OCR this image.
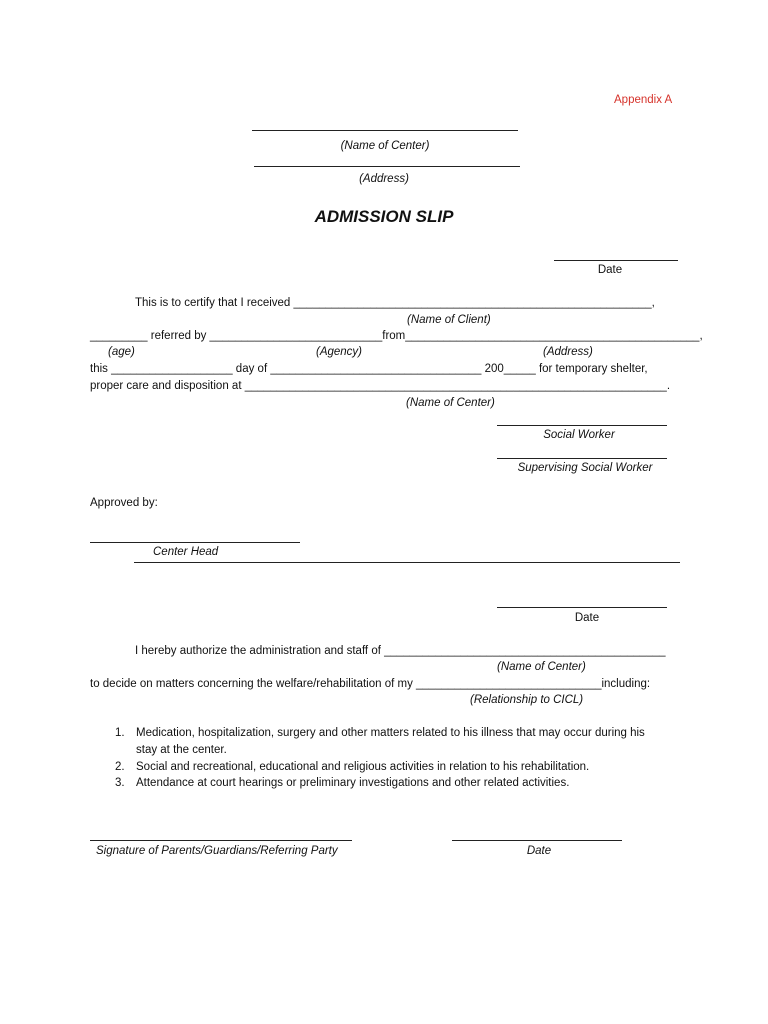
Appendix A
(Name of Center)
(Address)
ADMISSION SLIP
Date
This is to certify that I received ________________________________________________________,
(Name of Client)
_________ referred by ___________________________from______________________________________________,
(age)	(Agency)	(Address)
this ___________________ day of _________________________________ 200_____ for temporary shelter,
proper care and disposition at __________________________________________________________________.
(Name of Center)
Social Worker
Supervising Social Worker
Approved by:
Center Head
Date
I hereby authorize the administration and staff of ____________________________________________
(Name of Center)
to decide on matters concerning the welfare/rehabilitation of my _____________________________including:
(Relationship to CICL)
1. Medication, hospitalization, surgery and other matters related to his illness that may occur during his
stay at the center.
2. Social and recreational, educational and religious activities in relation to his rehabilitation.
3. Attendance at court hearings or preliminary investigations and other related activities.
Signature of Parents/Guardians/Referring Party	Date
